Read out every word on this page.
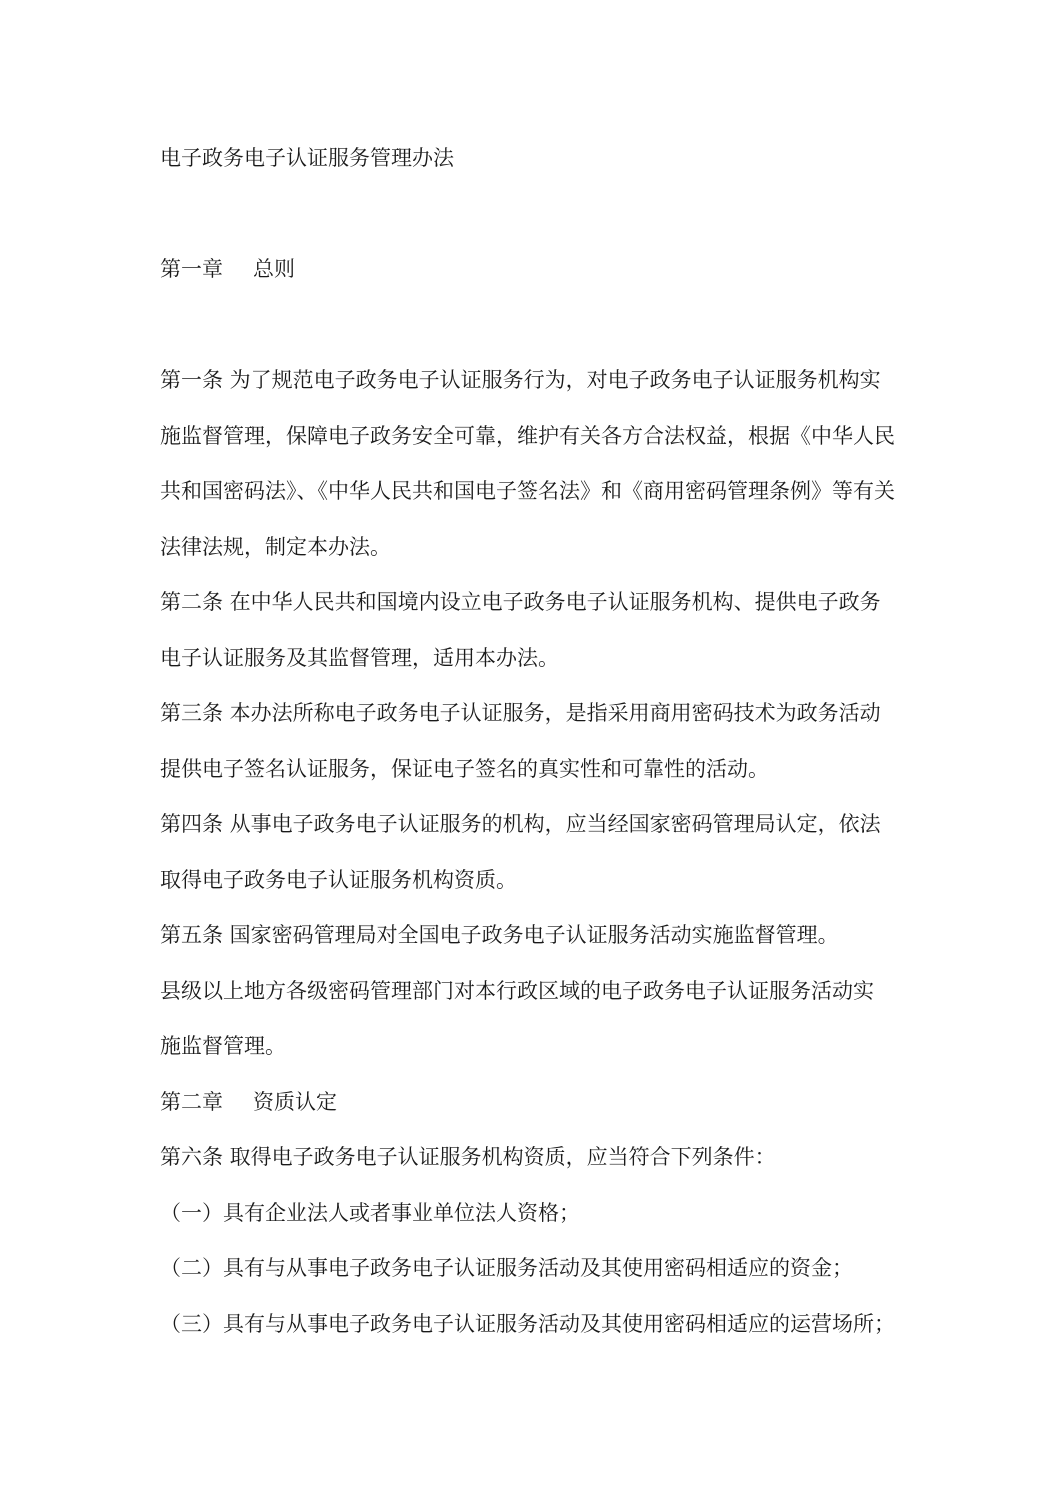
电子政务电子认证服务管理办法
第一章 总则
第一条 为了规范电子政务电子认证服务行为，对电子政务电子认证服务机构实
施监督管理，保障电子政务安全可靠，维护有关各方合法权益，根据《中华人民
共和国密码法》、《中华人民共和国电子签名法》和《商用密码管理条例》等有关
法律法规，制定本办法。
第二条 在中华人民共和国境内设立电子政务电子认证服务机构、提供电子政务
电子认证服务及其监督管理，适用本办法。
第三条 本办法所称电子政务电子认证服务，是指采用商用密码技术为政务活动
提供电子签名认证服务，保证电子签名的真实性和可靠性的活动。
第四条 从事电子政务电子认证服务的机构，应当经国家密码管理局认定，依法
取得电子政务电子认证服务机构资质。
第五条 国家密码管理局对全国电子政务电子认证服务活动实施监督管理。
县级以上地方各级密码管理部门对本行政区域的电子政务电子认证服务活动实
施监督管理。
第二章 资质认定
第六条 取得电子政务电子认证服务机构资质，应当符合下列条件：
（一）具有企业法人或者事业单位法人资格；
（二）具有与从事电子政务电子认证服务活动及其使用密码相适应的资金；
（三）具有与从事电子政务电子认证服务活动及其使用密码相适应的运营场所；
